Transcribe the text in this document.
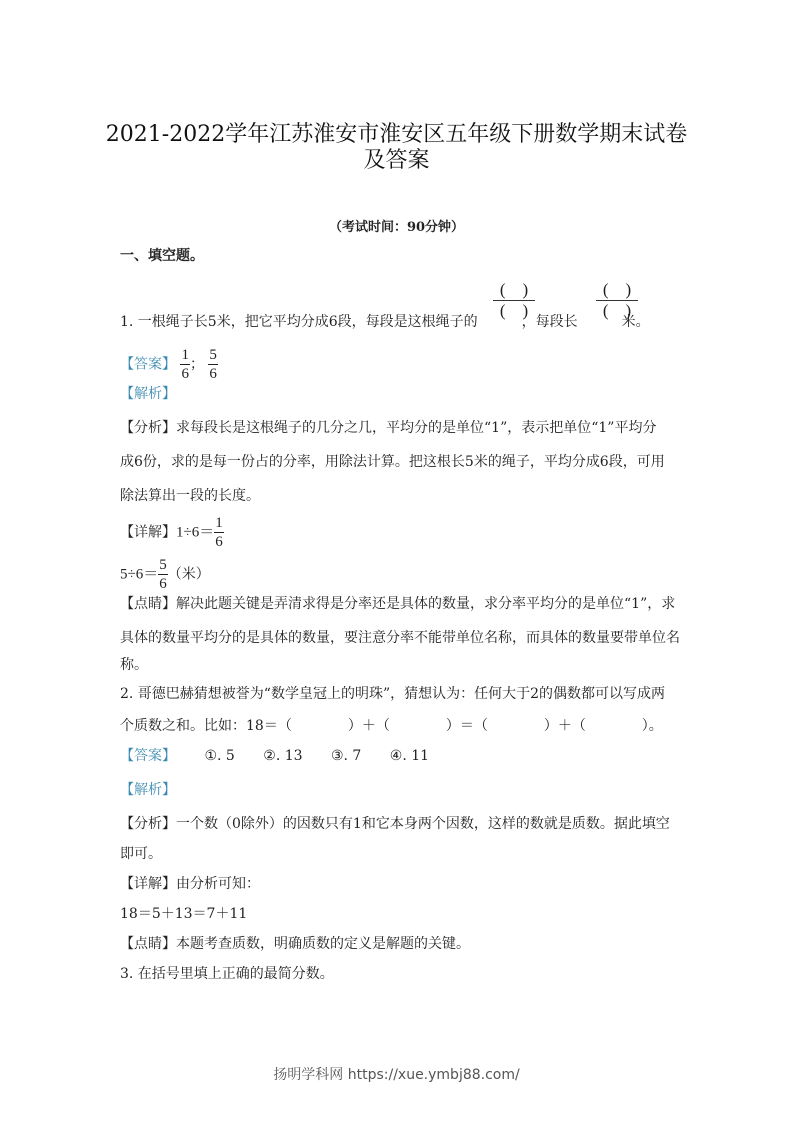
2021-2022学年江苏淮安市淮安区五年级下册数学期末试卷
及答案
（考试时间：90分钟）
一、填空题。
1. 一根绳子长5米，把它平均分成6段，每段是这根绳子的	，每段长	米。
(　)
(　)
(　)
(　)
【答案】 $\frac{1}{6}$ ； $\frac{5}{6}$
【解析】
【分析】求每段长是这根绳子的几分之几，平均分的是单位“1”，表示把单位“1”平均分
成6份，求的是每一份占的分率，用除法计算。把这根长5米的绳子，平均分成6段，可用
除法算出一段的长度。
【详解】$1\div 6= \frac{1}{6}$
$5\div 6= \frac{5}{6}$ （米）
【点睛】解决此题关键是弄清求得是分率还是具体的数量，求分率平均分的是单位“1”，求
具体的数量平均分的是具体的数量，要注意分率不能带单位名称，而具体的数量要带单位名
称。
2. 哥德巴赫猜想被誉为“数学皇冠上的明珠”，猜想认为：任何大于2的偶数都可以写成两
个质数之和。比如：18＝（　　　　）＋（　　　　）＝（　　　　）＋（　　　　）。
【答案】 ①. 5 ②. 13 ③. 7 ④. 11
【解析】
【分析】一个数（0除外）的因数只有1和它本身两个因数，这样的数就是质数。据此填空
即可。
【详解】由分析可知：
18＝5＋13＝7＋11
【点睛】本题考查质数，明确质数的定义是解题的关键。
3. 在括号里填上正确的最简分数。
扬明学科网 https://xue.ymbj88.com/
